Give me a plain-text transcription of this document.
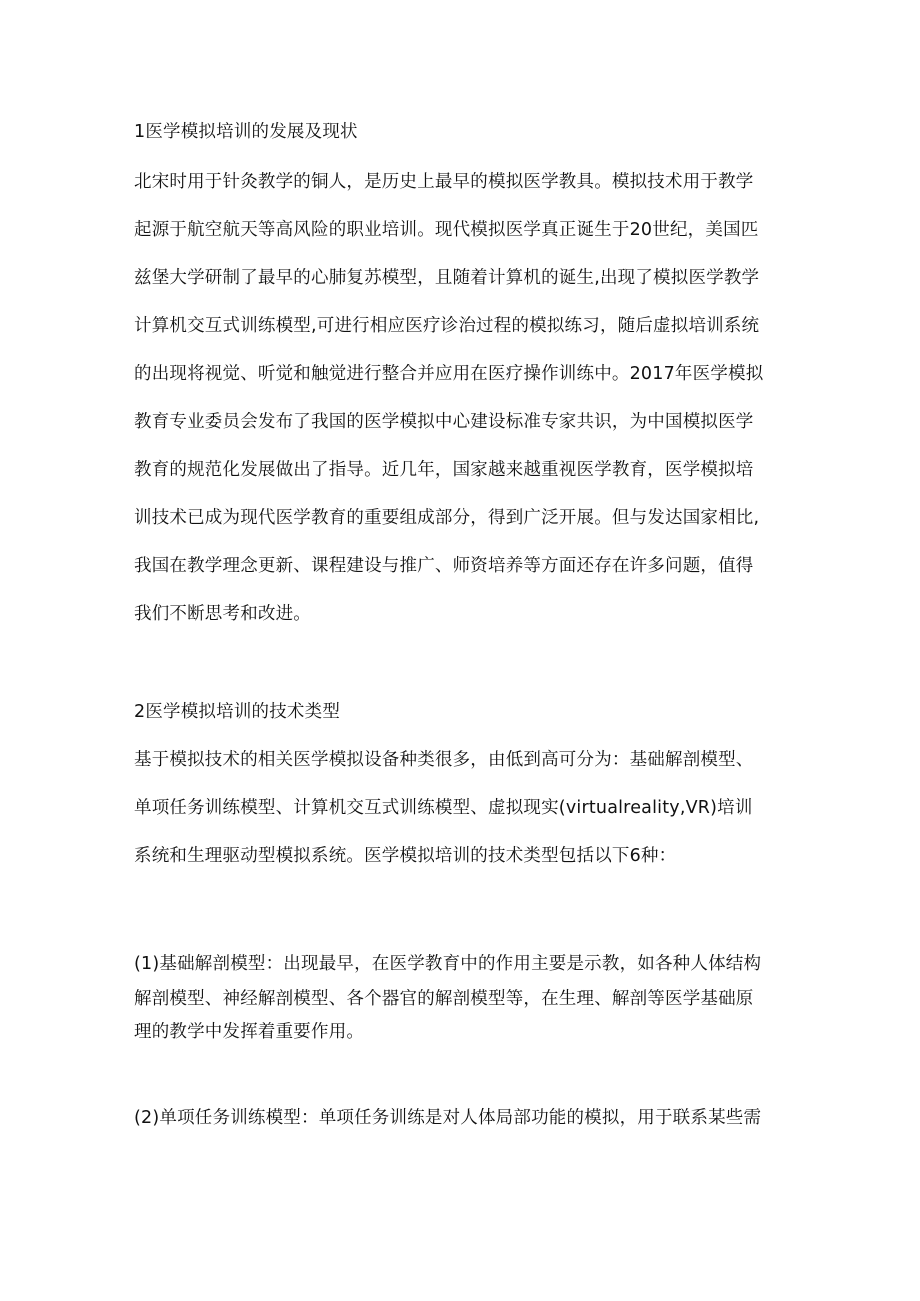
1医学模拟培训的发展及现状
北宋时用于针灸教学的铜人，是历史上最早的模拟医学教具。模拟技术用于教学
起源于航空航天等高风险的职业培训。现代模拟医学真正诞生于20世纪，美国匹
兹堡大学研制了最早的心肺复苏模型，且随着计算机的诞生,出现了模拟医学教学
计算机交互式训练模型,可进行相应医疗诊治过程的模拟练习，随后虚拟培训系统
的出现将视觉、听觉和触觉进行整合并应用在医疗操作训练中。2017年医学模拟
教育专业委员会发布了我国的医学模拟中心建设标准专家共识，为中国模拟医学
教育的规范化发展做出了指导。近几年，国家越来越重视医学教育，医学模拟培
训技术已成为现代医学教育的重要组成部分，得到广泛开展。但与发达国家相比,
我国在教学理念更新、课程建设与推广、师资培养等方面还存在许多问题，值得
我们不断思考和改进。
2医学模拟培训的技术类型
基于模拟技术的相关医学模拟设备种类很多，由低到高可分为：基础解剖模型、
单项任务训练模型、计算机交互式训练模型、虚拟现实(virtualreality,VR)培训
系统和生理驱动型模拟系统。医学模拟培训的技术类型包括以下6种：
(1)基础解剖模型：出现最早，在医学教育中的作用主要是示教，如各种人体结构
解剖模型、神经解剖模型、各个器官的解剖模型等，在生理、解剖等医学基础原
理的教学中发挥着重要作用。
(2)单项任务训练模型：单项任务训练是对人体局部功能的模拟，用于联系某些需
